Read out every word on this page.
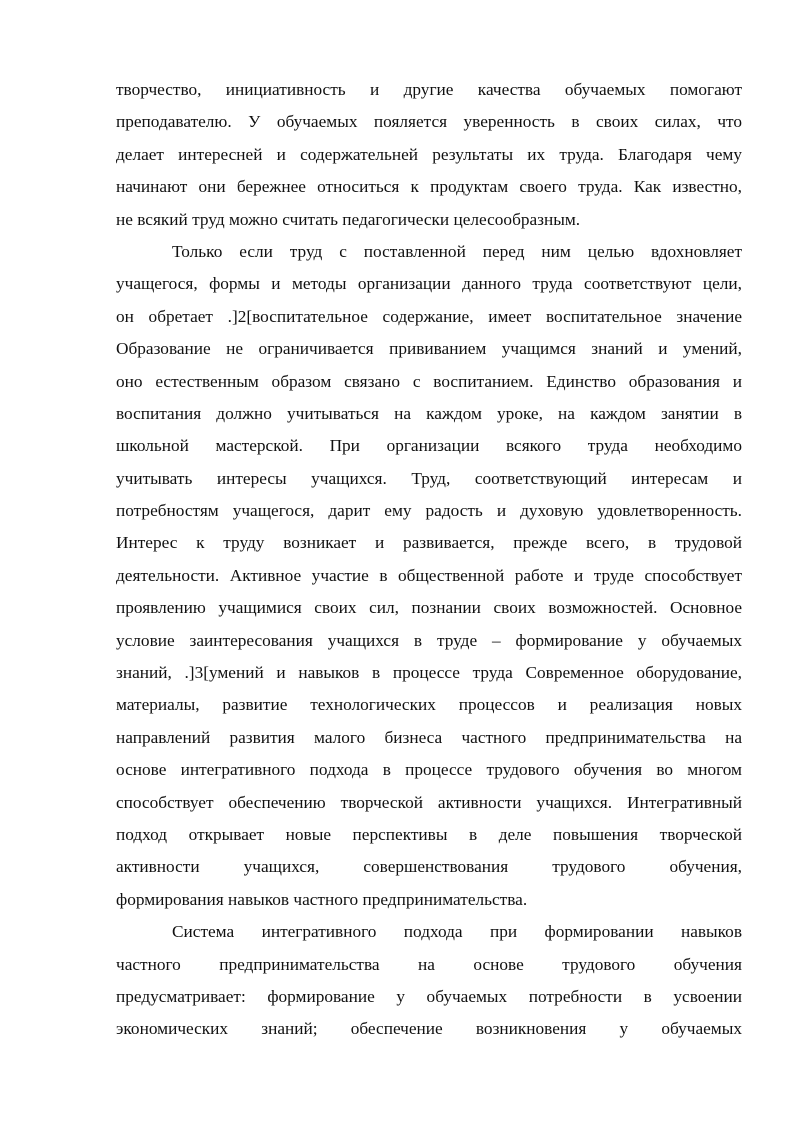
творчество, инициативность и другие качества обучаемых помогают
преподавателю. У обучаемых пояляется уверенность в своих силах, что
делает интересней и содержательней результаты их труда. Благодаря чему
начинают они бережнее относиться к продуктам своего труда. Как известно,
не всякий труд можно считать педагогически целесообразным.
Только если труд с поставленной перед ним целью вдохновляет
учащегося, формы и методы организации данного труда соответствуют цели,
он обретает .]2[воспитательное содержание, имеет воспитательное значение
Образование не ограничивается прививанием учащимся знаний и умений,
оно естественным образом связано с воспитанием. Единство образования и
воспитания должно учитываться на каждом уроке, на каждом занятии в
школьной мастерской. При организации всякого труда необходимо
учитывать интересы учащихся. Труд, соответствующий интересам и
потребностям учащегося, дарит ему радость и духовую удовлетворенность.
Интерес к труду возникает и развивается, прежде всего, в трудовой
деятельности. Активное участие в общественной работе и труде способствует
проявлению учащимися своих сил, познании своих возможностей. Основное
условие заинтересования учащихся в труде – формирование у обучаемых
знаний, .]3[умений и навыков в процессе труда Современное оборудование,
материалы, развитие технологических процессов и реализация новых
направлений развития малого бизнеса частного предпринимательства на
основе интегративного подхода в процессе трудового обучения во многом
способствует обеспечению творческой активности учащихся. Интегративный
подход открывает новые перспективы в деле повышения творческой
активности учащихся, совершенствования трудового обучения,
формирования навыков частного предпринимательства.
Система интегративного подхода при формировании навыков
частного предпринимательства на основе трудового обучения
предусматривает: формирование у обучаемых потребности в усвоении
экономических знаний; обеспечение возникновения у обучаемых
